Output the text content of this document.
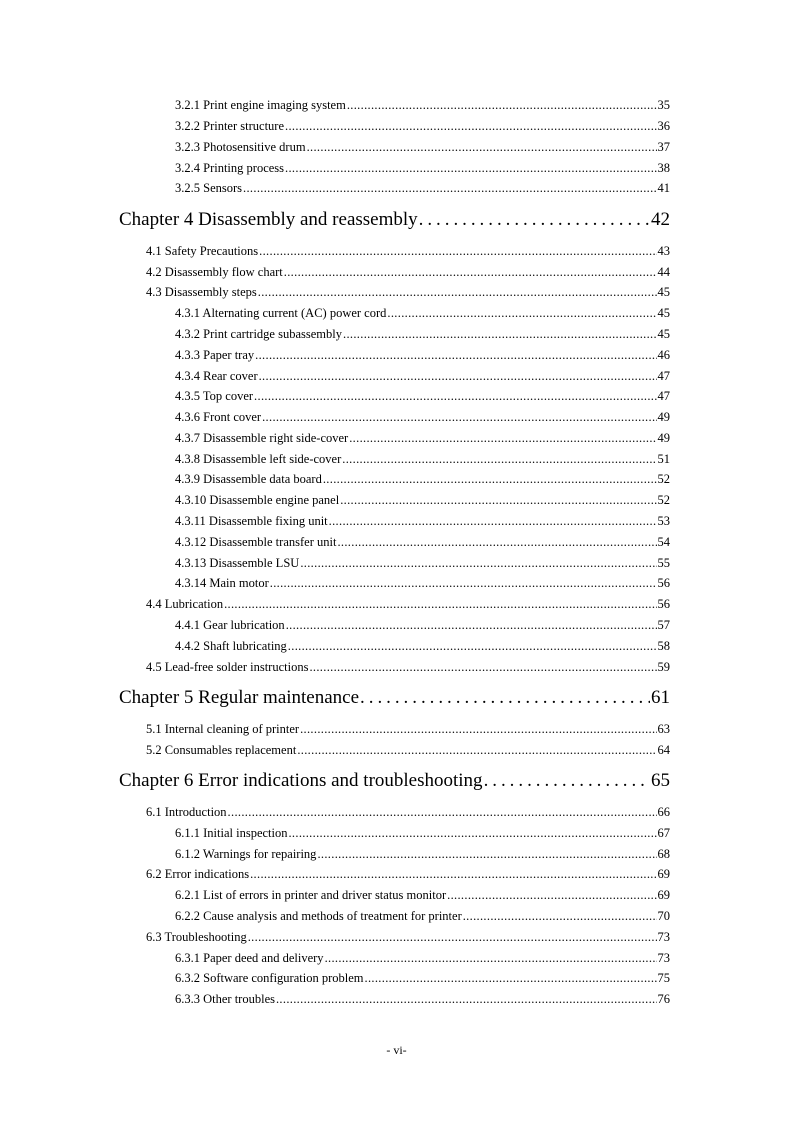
3.2.1 Print engine imaging system . . .	35
3.2.2 Printer structure . . .	36
3.2.3 Photosensitive drum . . .	37
3.2.4 Printing process . . .	38
3.2.5 Sensors . . .	41
Chapter 4 Disassembly and reassembly . . .	42
4.1 Safety Precautions . . .	43
4.2 Disassembly flow chart . . .	44
4.3 Disassembly steps . . .	45
4.3.1 Alternating current (AC) power cord . . .	45
4.3.2 Print cartridge subassembly . . .	45
4.3.3 Paper tray . . .	46
4.3.4 Rear cover . . .	47
4.3.5 Top cover . . .	47
4.3.6 Front cover . . .	49
4.3.7 Disassemble right side-cover . . .	49
4.3.8 Disassemble left side-cover . . .	51
4.3.9 Disassemble data board . . .	52
4.3.10 Disassemble engine panel . . .	52
4.3.11 Disassemble fixing unit . . .	53
4.3.12 Disassemble transfer unit . . .	54
4.3.13 Disassemble LSU . . .	55
4.3.14 Main motor . . .	56
4.4 Lubrication . . .	56
4.4.1 Gear lubrication . . .	57
4.4.2 Shaft lubricating . . .	58
4.5 Lead-free solder instructions . . .	59
Chapter 5 Regular maintenance . . .	61
5.1 Internal cleaning of printer . . .	63
5.2 Consumables replacement . . .	64
Chapter 6 Error indications and troubleshooting . . .	65
6.1 Introduction . . .	66
6.1.1 Initial inspection . . .	67
6.1.2 Warnings for repairing . . .	68
6.2 Error indications . . .	69
6.2.1 List of errors in printer and driver status monitor . . .	69
6.2.2 Cause analysis and methods of treatment for printer . . .	70
6.3 Troubleshooting . . .	73
6.3.1 Paper deed and delivery . . .	73
6.3.2 Software configuration problem . . .	75
6.3.3 Other troubles . . .	76
- vi-
